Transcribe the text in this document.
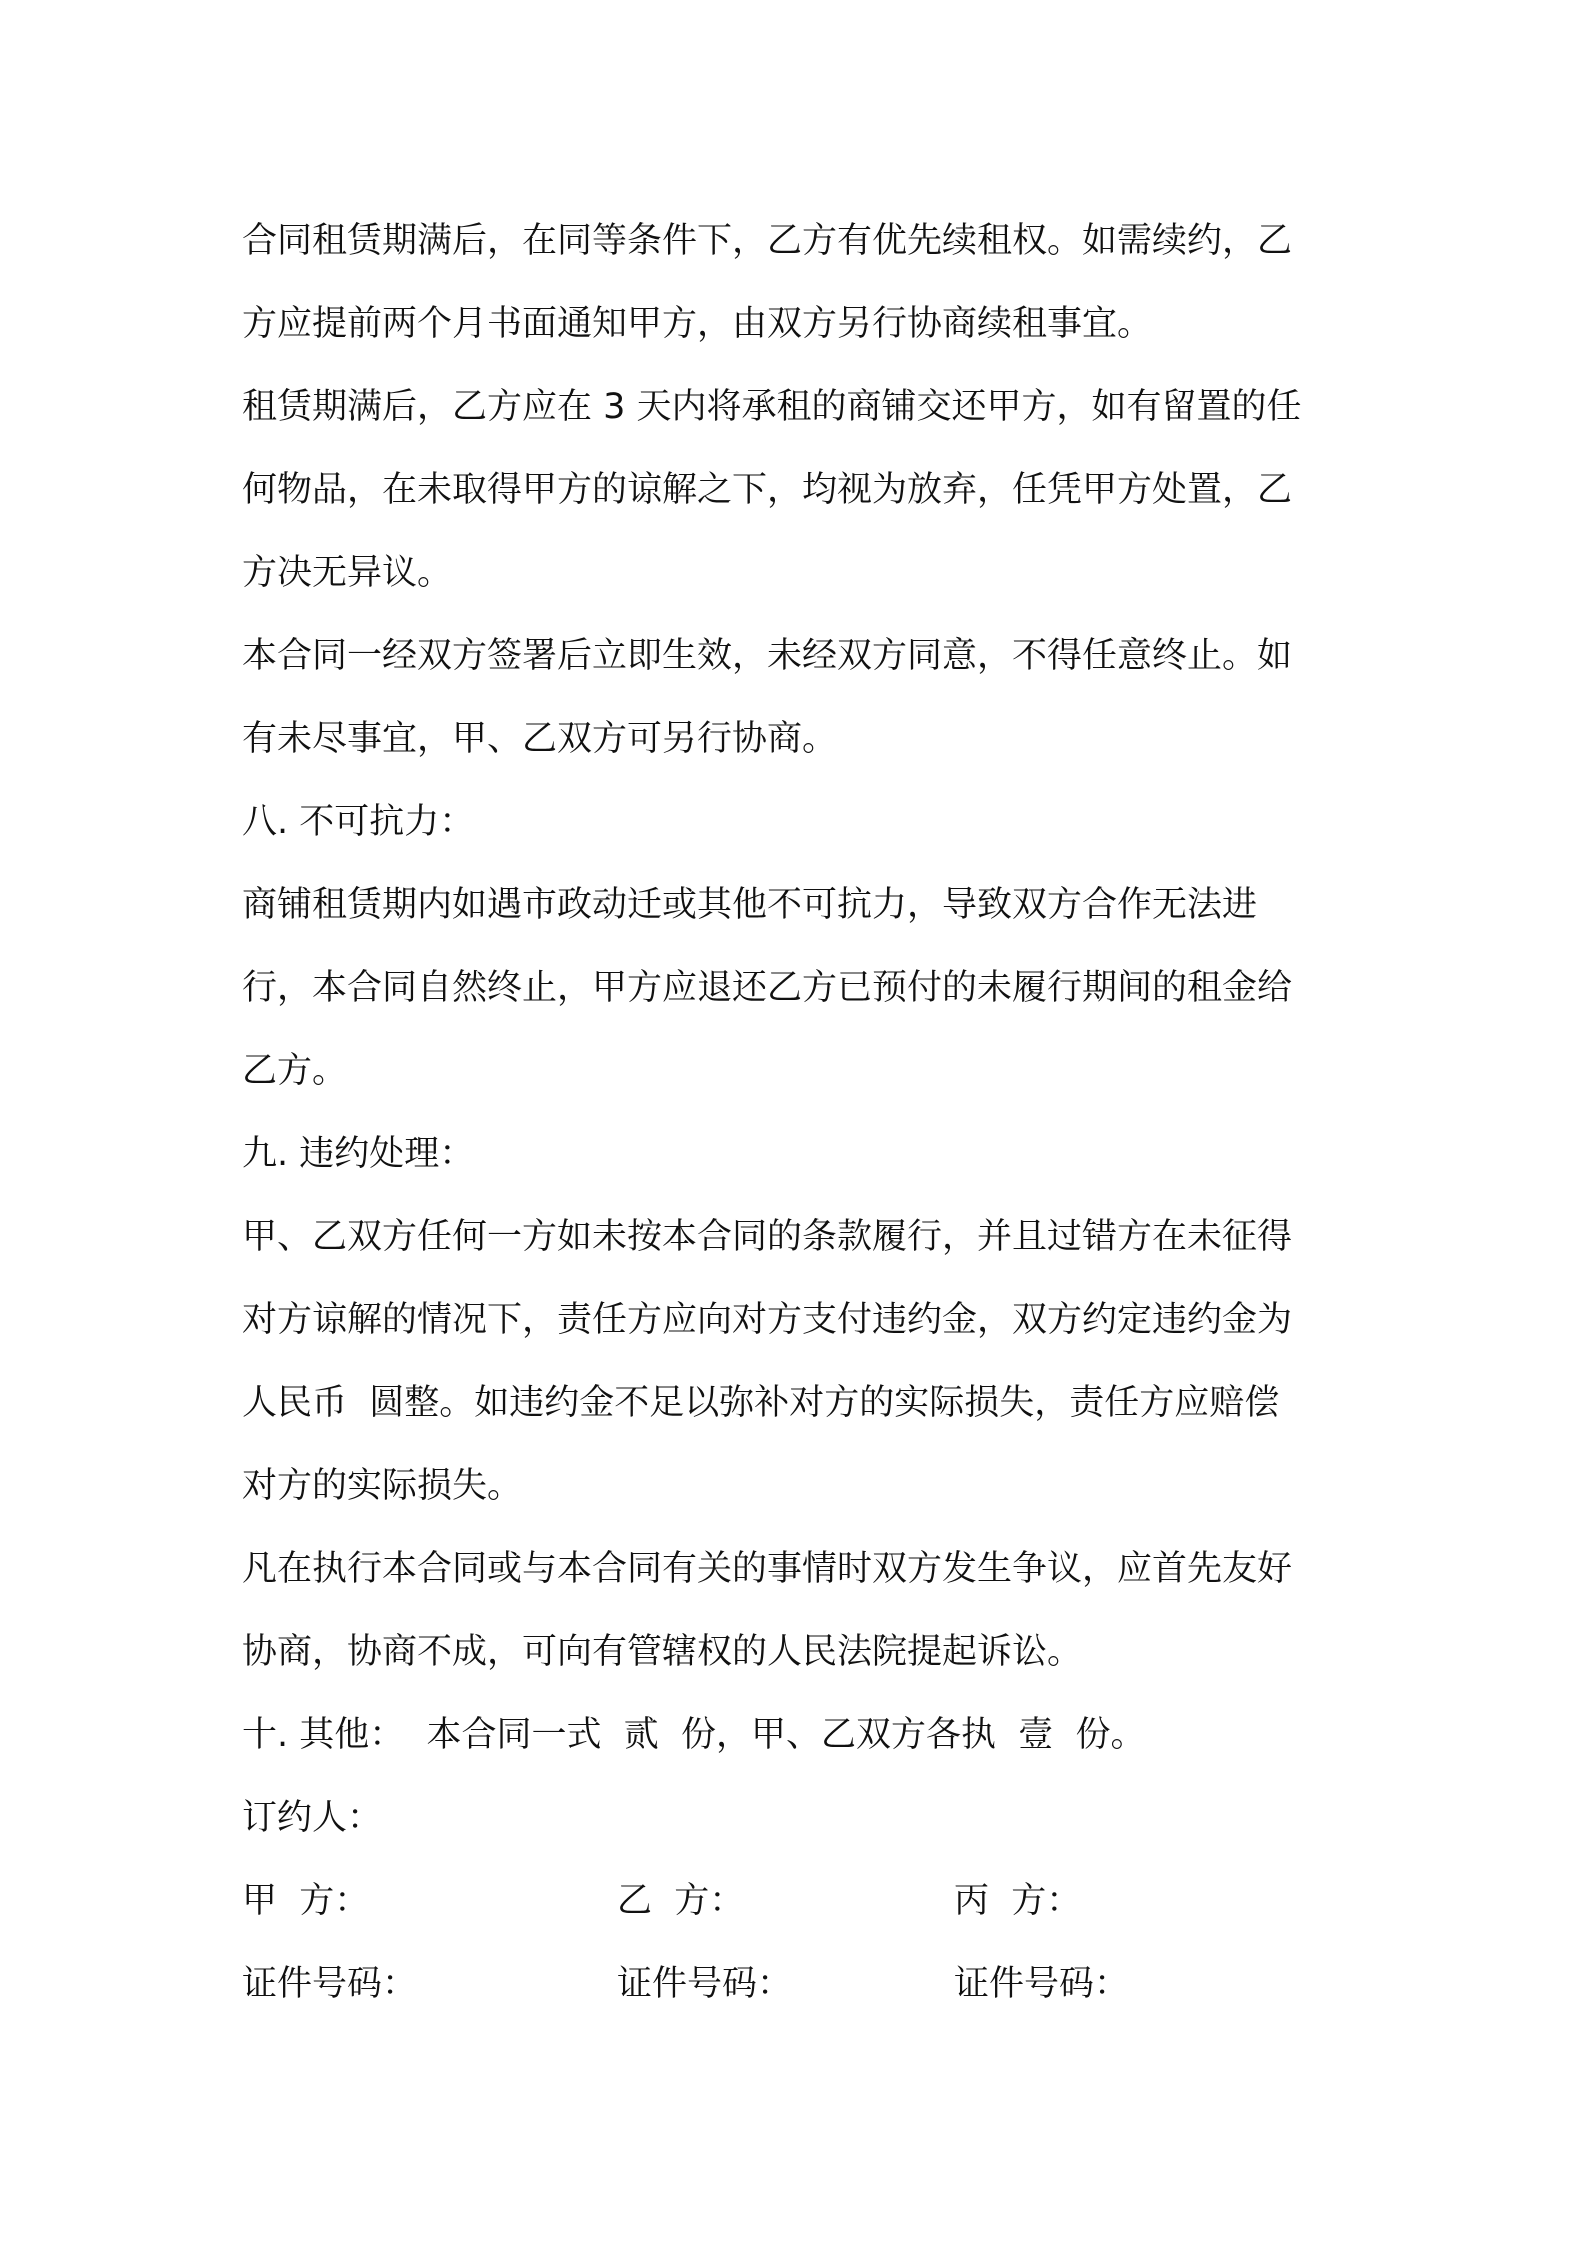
合同租赁期满后，在同等条件下，乙方有优先续租权。如需续约，乙
方应提前两个月书面通知甲方，由双方另行协商续租事宜。

租赁期满后，乙方应在 3 天内将承租的商铺交还甲方，如有留置的任
何物品，在未取得甲方的谅解之下，均视为放弃，任凭甲方处置，乙
方决无异议。

本合同一经双方签署后立即生效，未经双方同意，不得任意终止。如
有未尽事宜，甲、乙双方可另行协商。

八. 不可抗力：

商铺租赁期内如遇市政动迁或其他不可抗力，导致双方合作无法进
行，本合同自然终止，甲方应退还乙方已预付的未履行期间的租金给
乙方。

九. 违约处理：

甲、乙双方任何一方如未按本合同的条款履行，并且过错方在未征得
对方谅解的情况下，责任方应向对方支付违约金，双方约定违约金为
人民币  圆整。如违约金不足以弥补对方的实际损失，责任方应赔偿
对方的实际损失。

凡在执行本合同或与本合同有关的事情时双方发生争议，应首先友好
协商，协商不成，可向有管辖权的人民法院提起诉讼。

十. 其他：  本合同一式  贰  份，甲、乙双方各执  壹  份。

订约人：

甲  方：	乙  方：	丙  方：
证件号码：	证件号码：	证件号码：
